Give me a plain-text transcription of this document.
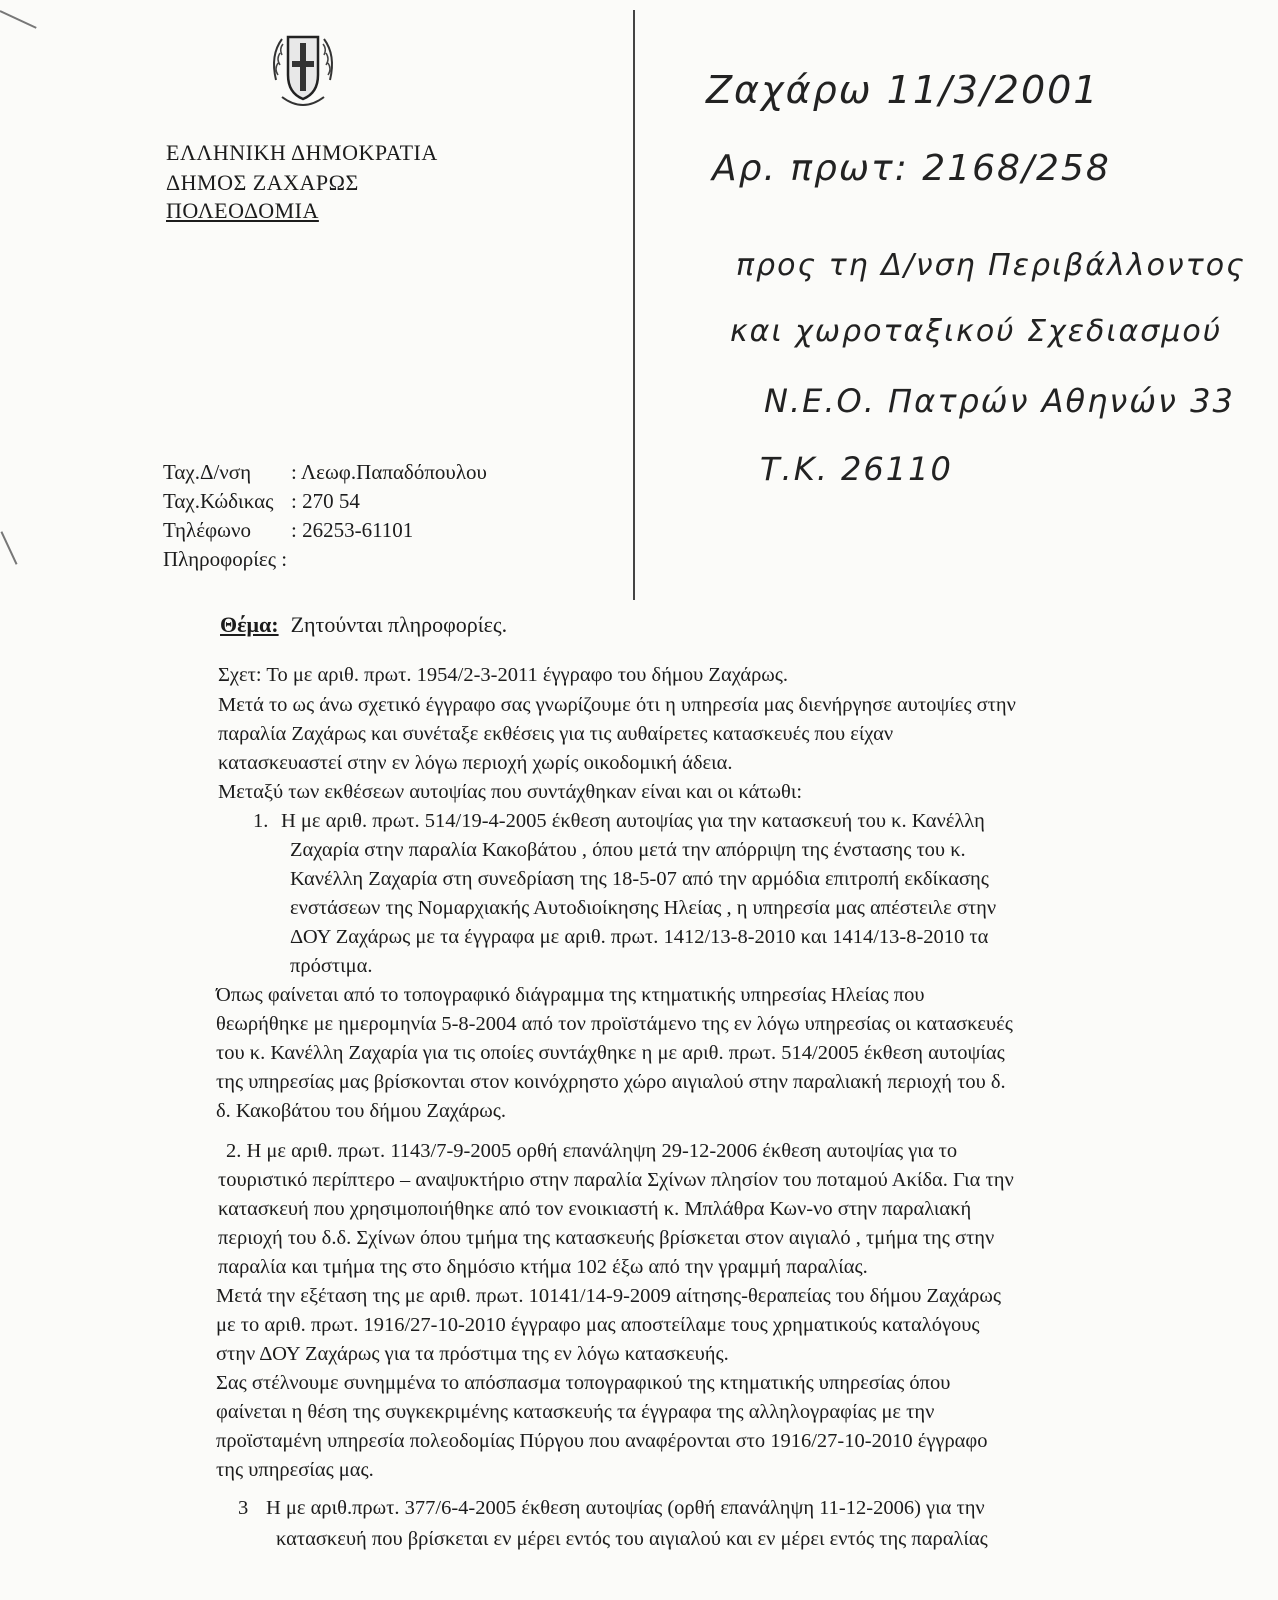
ΕΛΛΗΝΙΚΗ ΔΗΜΟΚΡΑΤΙΑ
ΔΗΜΟΣ ΖΑΧΑΡΩΣ
ΠΟΛΕΟΔΟΜΙΑ
Ζαχάρω 11/3/2001
Αρ. πρωτ: 2168/258
προς τη Δ/νση Περιβάλλοντος
και χωροταξικού Σχεδιασμού
Ν.Ε.Ο. Πατρών Αθηνών 33
Τ.Κ. 26110
Ταχ.Δ/νση : Λεωφ.Παπαδόπουλου
Ταχ.Κώδικας : 270 54
Τηλέφωνο : 26253-61101
Πληροφορίες :
Θέμα: Ζητούνται πληροφορίες.
Σχετ: Το με αριθ. πρωτ. 1954/2-3-2011 έγγραφο του δήμου Ζαχάρως.
Μετά το ως άνω σχετικό έγγραφο σας γνωρίζουμε ότι η υπηρεσία μας διενήργησε αυτοψίες στην
παραλία Ζαχάρως και συνέταξε εκθέσεις για τις αυθαίρετες κατασκευές που είχαν
κατασκευαστεί στην εν λόγω περιοχή χωρίς οικοδομική άδεια.
Μεταξύ των εκθέσεων αυτοψίας που συντάχθηκαν είναι και οι κάτωθι:
1. Η με αριθ. πρωτ. 514/19-4-2005 έκθεση αυτοψίας για την κατασκευή του κ. Κανέλλη
Ζαχαρία στην παραλία Κακοβάτου , όπου μετά την απόρριψη της ένστασης του κ.
Κανέλλη Ζαχαρία στη συνεδρίαση της 18-5-07 από την αρμόδια επιτροπή εκδίκασης
ενστάσεων της Νομαρχιακής Αυτοδιοίκησης Ηλείας , η υπηρεσία μας απέστειλε στην
ΔΟΥ Ζαχάρως με τα έγγραφα με αριθ. πρωτ. 1412/13-8-2010 και 1414/13-8-2010 τα
πρόστιμα.
Όπως φαίνεται από το τοπογραφικό διάγραμμα της κτηματικής υπηρεσίας Ηλείας που
θεωρήθηκε με ημερομηνία 5-8-2004 από τον προϊστάμενο της εν λόγω υπηρεσίας οι κατασκευές
του κ. Κανέλλη Ζαχαρία για τις οποίες συντάχθηκε η με αριθ. πρωτ. 514/2005 έκθεση αυτοψίας
της υπηρεσίας μας βρίσκονται στον κοινόχρηστο χώρο αιγιαλού στην παραλιακή περιοχή του δ.
δ. Κακοβάτου του δήμου Ζαχάρως.
2. Η με αριθ. πρωτ. 1143/7-9-2005 ορθή επανάληψη 29-12-2006 έκθεση αυτοψίας για το
τουριστικό περίπτερο – αναψυκτήριο στην παραλία Σχίνων πλησίον του ποταμού Ακίδα. Για την
κατασκευή που χρησιμοποιήθηκε από τον ενοικιαστή κ. Μπλάθρα Κων-νο στην παραλιακή
περιοχή του δ.δ. Σχίνων όπου τμήμα της κατασκευής βρίσκεται στον αιγιαλό , τμήμα της στην
παραλία και τμήμα της στο δημόσιο κτήμα 102 έξω από την γραμμή παραλίας.
Μετά την εξέταση της με αριθ. πρωτ. 10141/14-9-2009 αίτησης-θεραπείας του δήμου Ζαχάρως
με το αριθ. πρωτ. 1916/27-10-2010 έγγραφο μας αποστείλαμε τους χρηματικούς καταλόγους
στην ΔΟΥ Ζαχάρως για τα πρόστιμα της εν λόγω κατασκευής.
Σας στέλνουμε συνημμένα το απόσπασμα τοπογραφικού της κτηματικής υπηρεσίας όπου
φαίνεται η θέση της συγκεκριμένης κατασκευής τα έγγραφα της αλληλογραφίας με την
προϊσταμένη υπηρεσία πολεοδομίας Πύργου που αναφέρονται στο 1916/27-10-2010 έγγραφο
της υπηρεσίας μας.
3 Η με αριθ.πρωτ. 377/6-4-2005 έκθεση αυτοψίας (ορθή επανάληψη 11-12-2006) για την
κατασκευή που βρίσκεται εν μέρει εντός του αιγιαλού και εν μέρει εντός της παραλίας
